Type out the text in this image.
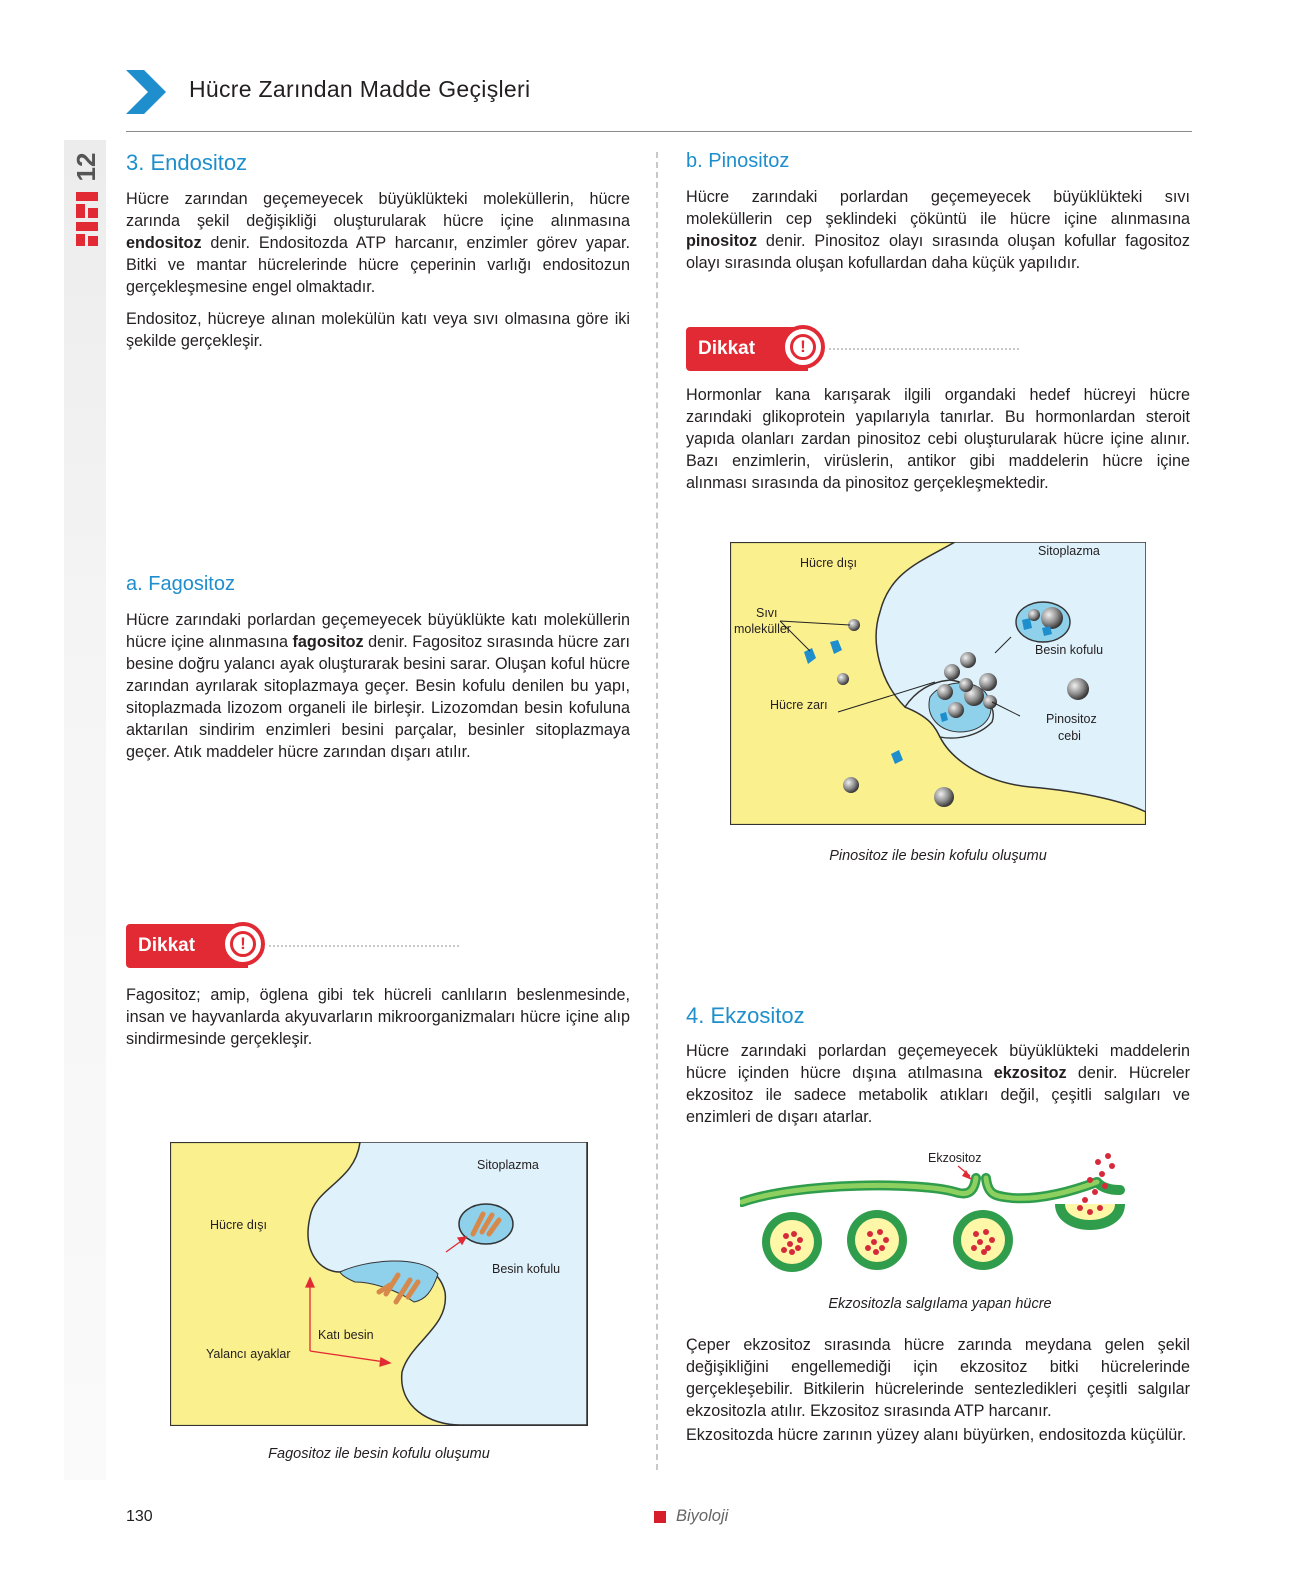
Hücre Zarından Madde Geçişleri
12 3. Endositoz

Hücre zarından geçemeyecek büyüklükteki moleküllerin, hücre zarında şekil değişikliği oluşturularak hücre içine alınmasına endositoz denir. Endositozda ATP harcanır, enzimler görev yapar. Bitki ve mantar hücrelerinde hücre çeperinin varlığı endositozun gerçekleşmesine engel olmaktadır.

Endositoz, hücreye alınan molekülün katı veya sıvı olmasına göre iki şekilde gerçekleşir.

a. Fagositoz

Hücre zarındaki porlardan geçemeyecek büyüklükte katı moleküllerin hücre içine alınmasına fagositoz denir. Fagositoz sırasında hücre zarı besine doğru yalancı ayak oluşturarak besini sarar. Oluşan koful hücre zarından ayrılarak sitoplazmaya geçer. Besin kofulu denilen bu yapı, sitoplazmada lizozom organeli ile birleşir. Lizozomdan besin kofuluna aktarılan sindirim enzimleri besini parçalar, besinler sitoplazmaya geçer. Atık maddeler hücre zarından dışarı atılır.

Dikkat	!

Fagositoz; amip, öglena gibi tek hücreli canlıların beslenmesinde, insan ve hayvanlarda akyuvarların mikroorganizmaları hücre içine alıp sindirmesinde gerçekleşir.

Sitoplazma
Hücre dışı
Besin kofulu
Katı besin
Yalancı ayaklar
Fagositoz ile besin kofulu oluşumu
b. Pinositoz

Hücre zarındaki porlardan geçemeyecek büyüklükteki sıvı moleküllerin cep şeklindeki çöküntü ile hücre içine alınmasına pinositoz denir. Pinositoz olayı sırasında oluşan kofullar fagositoz olayı sırasında oluşan kofullardan daha küçük yapılıdır.

Dikkat	!

Hormonlar kana karışarak ilgili organdaki hedef hücreyi hücre zarındaki glikoprotein yapılarıyla tanırlar. Bu hormonlardan steroit yapıda olanları zardan pinositoz cebi oluşturularak hücre içine alınır. Bazı enzimlerin, virüslerin, antikor gibi maddelerin hücre içine alınması sırasında da pinositoz gerçekleşmektedir.

Sitoplazma
Hücre dışı
Sıvı
moleküller
Besin kofulu
Hücre zarı
Pinositoz
cebi
Pinositoz ile besin kofulu oluşumu
4. Ekzositoz

Hücre zarındaki porlardan geçemeyecek büyüklükteki maddelerin hücre içinden hücre dışına atılmasına ekzositoz denir. Hücreler ekzositoz ile sadece metabolik atıkları değil, çeşitli salgıları ve enzimleri de dışarı atarlar.

Ekzositoz
Ekzositozla salgılama yapan hücre

Çeper ekzositoz sırasında hücre zarında meydana gelen şekil değişikliğini engellemediği için ekzositoz bitki hücrelerinde gerçekleşebilir. Bitkilerin hücrelerinde sentezledikleri çeşitli salgılar ekzositozla atılır. Ekzositoz sırasında ATP harcanır.

Ekzositozda hücre zarının yüzey alanı büyürken, endositozda küçülür.

130	Biyoloji
